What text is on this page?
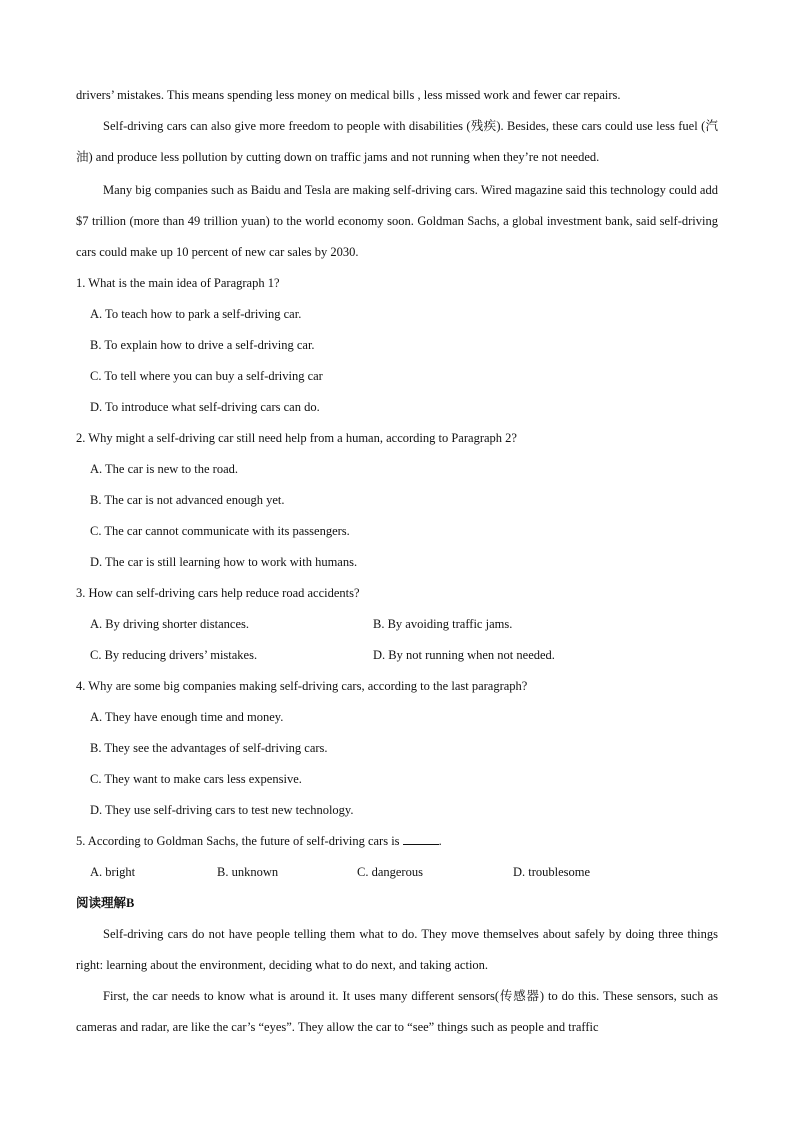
drivers’ mistakes. This means spending less money on medical bills , less missed work and fewer car repairs.

Self-driving cars can also give more freedom to people with disabilities (残疾). Besides, these cars could use less fuel (汽油) and produce less pollution by cutting down on traffic jams and not running when they’re not needed.

Many big companies such as Baidu and Tesla are making self-driving cars. Wired magazine said this technology could add $7 trillion (more than 49 trillion yuan) to the world economy soon. Goldman Sachs, a global investment bank, said self-driving cars could make up 10 percent of new car sales by 2030.

1. What is the main idea of Paragraph 1?

A. To teach how to park a self-driving car.

B. To explain how to drive a self-driving car.

C. To tell where you can buy a self-driving car

D. To introduce what self-driving cars can do.

2. Why might a self-driving car still need help from a human, according to Paragraph 2?

A. The car is new to the road.

B. The car is not advanced enough yet.

C. The car cannot communicate with its passengers.

D. The car is still learning how to work with humans.

3. How can self-driving cars help reduce road accidents?

A. By driving shorter distances.	B. By avoiding traffic jams.
C. By reducing drivers’ mistakes.	D. By not running when not needed.

4. Why are some big companies making self-driving cars, according to the last paragraph?

A. They have enough time and money.

B. They see the advantages of self-driving cars.

C. They want to make cars less expensive.

D. They use self-driving cars to test new technology.

5. According to Goldman Sachs, the future of self-driving cars is	.

A. bright	B. unknown	C. dangerous	D. troublesome

阅读理解B

Self-driving cars do not have people telling them what to do. They move themselves about safely by doing three things right: learning about the environment, deciding what to do next, and taking action.

First, the car needs to know what is around it. It uses many different sensors(传感器) to do this. These sensors, such as cameras and radar, are like the car’s “eyes”. They allow the car to “see” things such as people and traffic
